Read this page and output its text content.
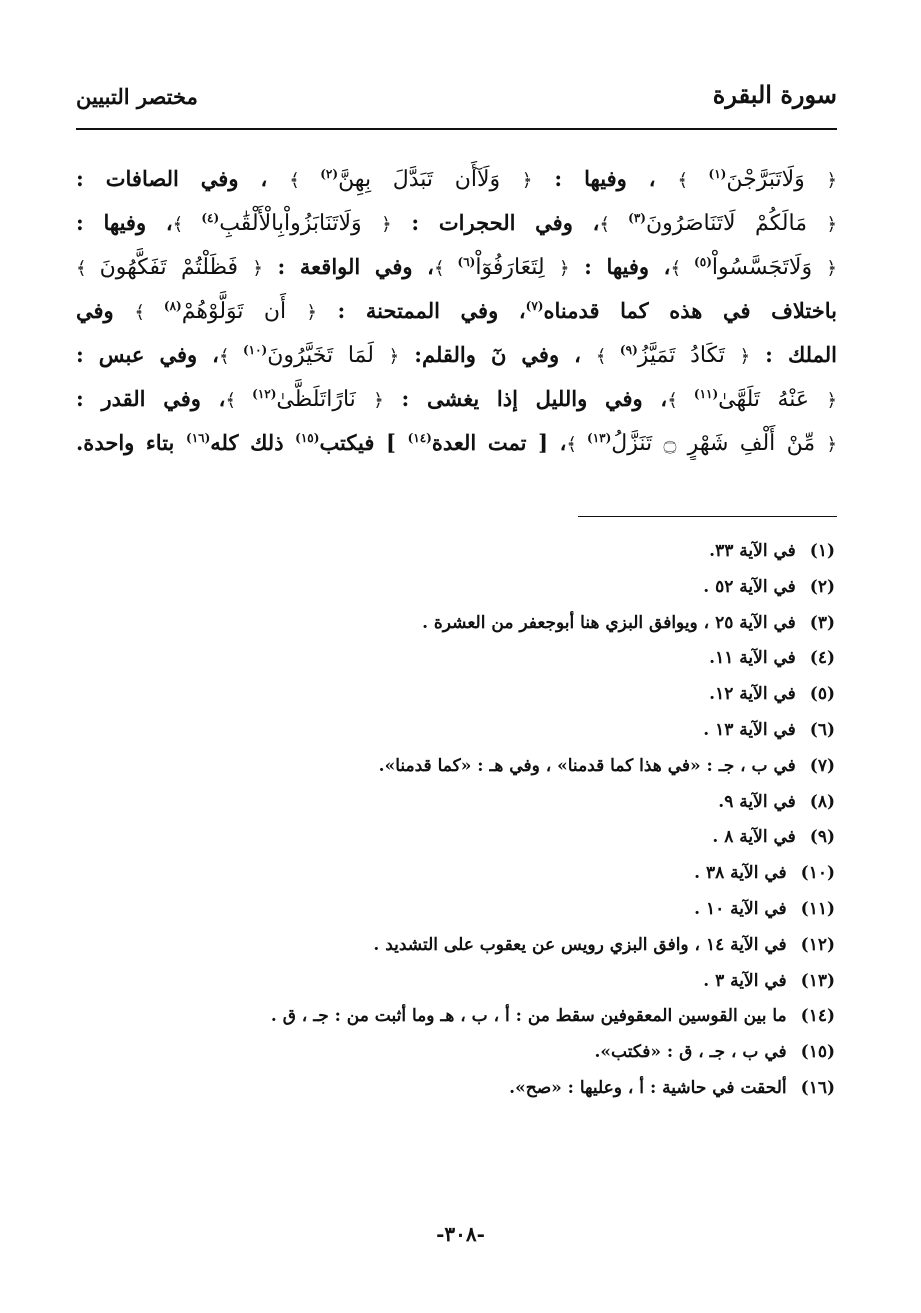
سورة البقرة
مختصر التبيين
﴿ وَلَاتَبَرَّجْنَ$^{(١)}$ ﴾ ، وفيها : ﴿ وَلَآأَن تَبَدَّلَ بِهِنَّ$^{(٢)}$ ﴾ ، وفي الصافات :
﴿ مَالَكُمْ لَاتَنَاصَرُونَ$^{(٣)}$ ﴾، وفي الحجرات : ﴿ وَلَاتَنَابَزُواْبِالْأَلْقَٰبِ$^{(٤)}$ ﴾، وفيها :
﴿ وَلَاتَجَسَّسُواْ$^{(٥)}$ ﴾، وفيها : ﴿ لِتَعَارَفُوٓاْ$^{(٦)}$ ﴾، وفي الواقعة : ﴿ فَظَلْتُمْ تَفَكَّهُونَ ﴾
باختلاف في هذه كما قدمناه$^{(٧)}$، وفي الممتحنة : ﴿ أَن تَوَلَّوْهُمْ$^{(٨)}$ ﴾ وفي
الملك : ﴿ تَكَادُ تَمَيَّزُ$^{(٩)}$ ﴾ ، وفي نٓ والقلم: ﴿ لَمَا تَخَيَّرُونَ$^{(١٠)}$ ﴾، وفي عبس :
﴿ عَنْهُ تَلَهَّىٰ$^{(١١)}$ ﴾، وفي والليل إذا يغشى : ﴿ نَارًاتَلَظَّىٰ$^{(١٢)}$ ﴾، وفي القدر :
﴿ مِّنْ أَلْفِ شَهْرٍ ۝ تَنَزَّلُ$^{(١٣)}$ ﴾، [ تمت العدة$^{(١٤)}$ ] فيكتب$^{(١٥)}$ ذلك كله$^{(١٦)}$ بتاء واحدة.
(١)في الآية ٣٣.
(٢)في الآية ٥٢ .
(٣)في الآية ٢٥ ، ويوافق البزي هنا أبوجعفر من العشرة .
(٤)في الآية ١١.
(٥)في الآية ١٢.
(٦)في الآية ١٣ .
(٧)في ب ، جـ : «في هذا كما قدمنا» ، وفي هـ : «كما قدمنا».
(٨)في الآية ٩.
(٩)في الآية ٨ .
(١٠)في الآية ٣٨ .
(١١)في الآية ١٠ .
(١٢)في الآية ١٤ ، وافق البزي رويس عن يعقوب على التشديد .
(١٣)في الآية ٣ .
(١٤)ما بين القوسين المعقوفين سقط من : أ ، ب ، هـ وما أثبت من : جـ ، ق .
(١٥)في ب ، جـ ، ق : «فكتب».
(١٦)ألحقت في حاشية : أ ، وعليها : «صح».
-٣٠٨-
